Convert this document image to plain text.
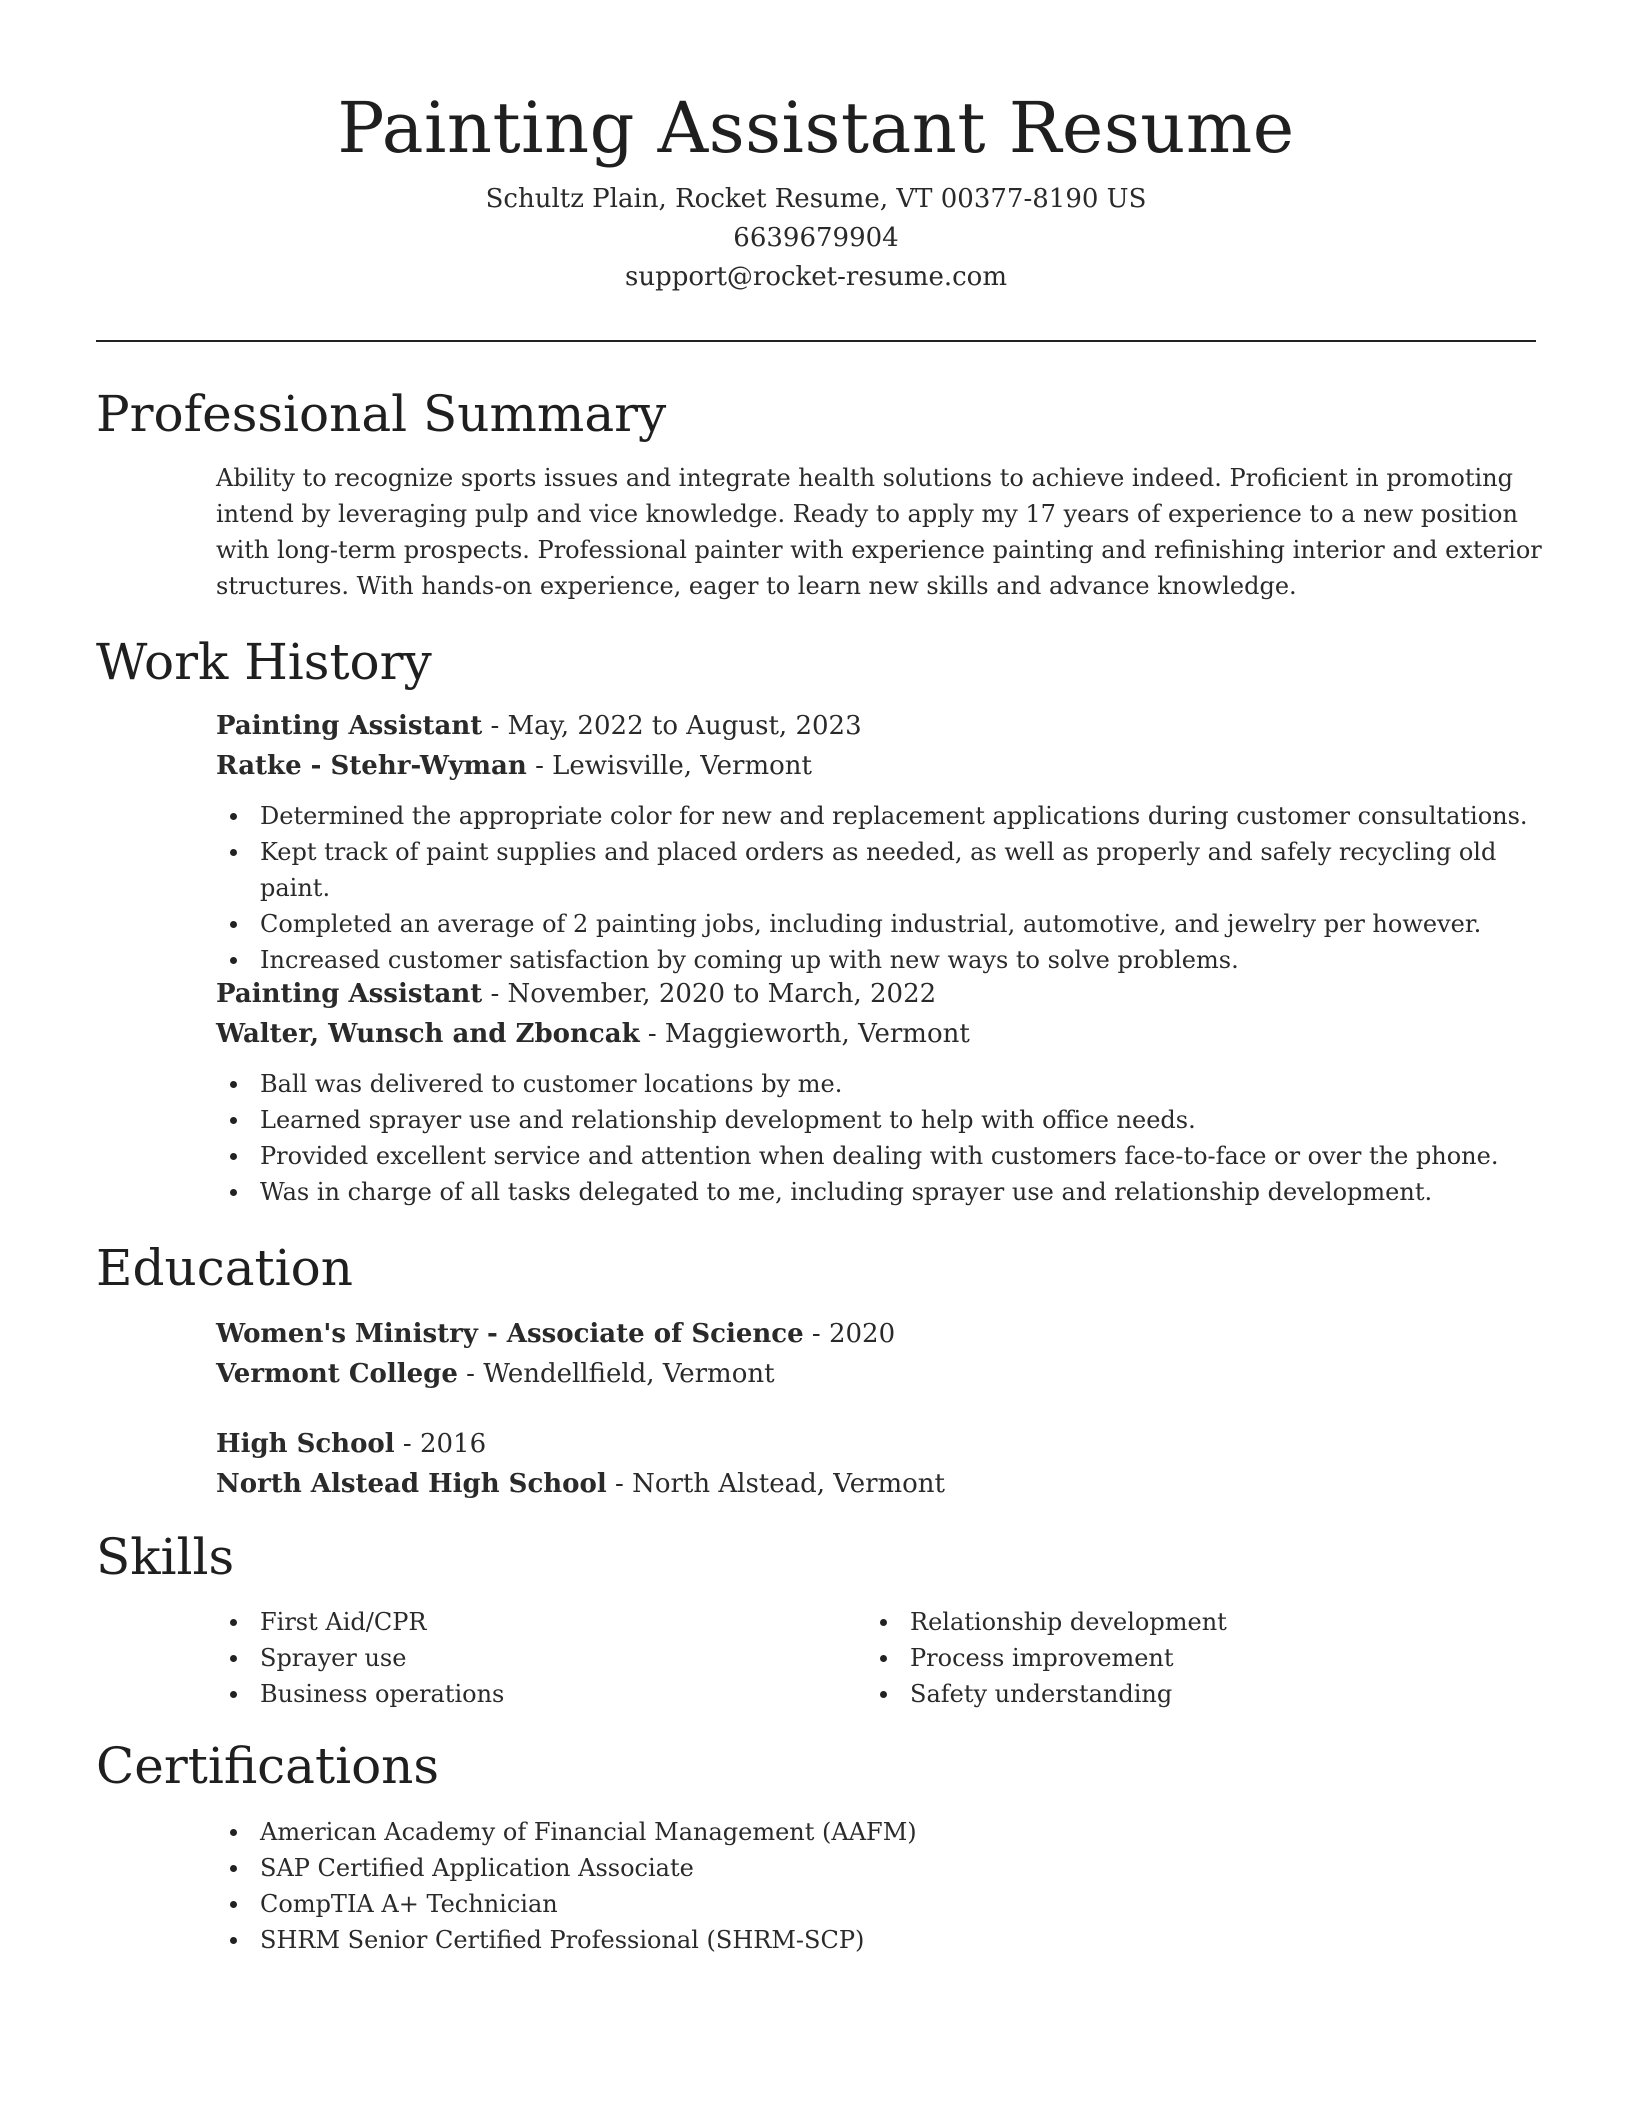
Painting Assistant Resume
Schultz Plain, Rocket Resume, VT 00377-8190 US
6639679904
support@rocket-resume.com
Professional Summary

Ability to recognize sports issues and integrate health solutions to achieve indeed. Proficient in promoting intend by leveraging pulp and vice knowledge. Ready to apply my 17 years of experience to a new position with long-term prospects. Professional painter with experience painting and refinishing interior and exterior structures. With hands-on experience, eager to learn new skills and advance knowledge.

Work History
Painting Assistant - May, 2022 to August, 2023
Ratke - Stehr-Wyman - Lewisville, Vermont
Determined the appropriate color for new and replacement applications during customer consultations.
Kept track of paint supplies and placed orders as needed, as well as properly and safely recycling old paint.
Completed an average of 2 painting jobs, including industrial, automotive, and jewelry per however.
Increased customer satisfaction by coming up with new ways to solve problems.
Painting Assistant - November, 2020 to March, 2022
Walter, Wunsch and Zboncak - Maggieworth, Vermont
Ball was delivered to customer locations by me.
Learned sprayer use and relationship development to help with office needs.
Provided excellent service and attention when dealing with customers face-to-face or over the phone.
Was in charge of all tasks delegated to me, including sprayer use and relationship development.
Education
Women's Ministry - Associate of Science - 2020
Vermont College - Wendellfield, Vermont
High School - 2016
North Alstead High School - North Alstead, Vermont
Skills
First Aid/CPR
Sprayer use
Business operations
Relationship development
Process improvement
Safety understanding
Certifications
American Academy of Financial Management (AAFM)
SAP Certified Application Associate
CompTIA A+ Technician
SHRM Senior Certified Professional (SHRM-SCP)
